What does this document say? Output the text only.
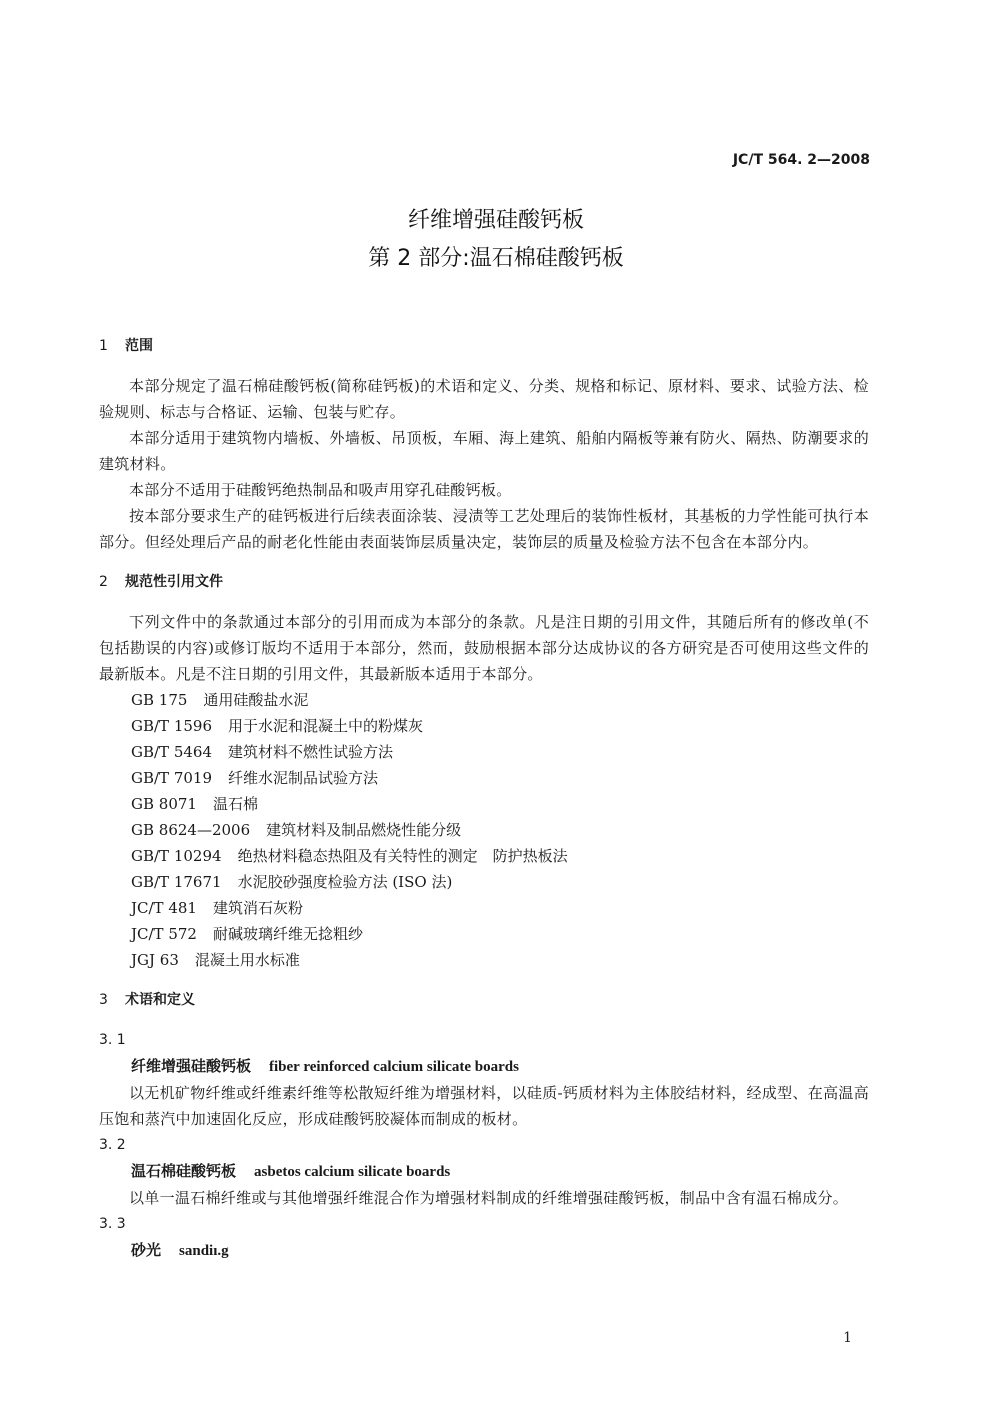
JC/T 564. 2—2008
纤维增强硅酸钙板
第 2 部分:温石棉硅酸钙板

1 范围

本部分规定了温石棉硅酸钙板(简称硅钙板)的术语和定义、分类、规格和标记、原材料、要求、试验方法、检验规则、标志与合格证、运输、包装与贮存。

本部分适用于建筑物内墙板、外墙板、吊顶板，车厢、海上建筑、船舶内隔板等兼有防火、隔热、防潮要求的建筑材料。

本部分不适用于硅酸钙绝热制品和吸声用穿孔硅酸钙板。

按本部分要求生产的硅钙板进行后续表面涂装、浸渍等工艺处理后的装饰性板材，其基板的力学性能可执行本部分。但经处理后产品的耐老化性能由表面装饰层质量决定，装饰层的质量及检验方法不包含在本部分内。

2 规范性引用文件

下列文件中的条款通过本部分的引用而成为本部分的条款。凡是注日期的引用文件，其随后所有的修改单(不包括勘误的内容)或修订版均不适用于本部分，然而，鼓励根据本部分达成协议的各方研究是否可使用这些文件的最新版本。凡是不注日期的引用文件，其最新版本适用于本部分。

GB 175 通用硅酸盐水泥
GB/T 1596 用于水泥和混凝土中的粉煤灰
GB/T 5464 建筑材料不燃性试验方法
GB/T 7019 纤维水泥制品试验方法
GB 8071 温石棉
GB 8624—2006 建筑材料及制品燃烧性能分级
GB/T 10294 绝热材料稳态热阻及有关特性的测定　防护热板法
GB/T 17671 水泥胶砂强度检验方法 (ISO 法)
JC/T 481 建筑消石灰粉
JC/T 572 耐碱玻璃纤维无捻粗纱
JGJ 63 混凝土用水标准

3 术语和定义

3. 1

纤维增强硅酸钙板 fiber reinforced calcium silicate boards

以无机矿物纤维或纤维素纤维等松散短纤维为增强材料，以硅质-钙质材料为主体胶结材料，经成型、在高温高压饱和蒸汽中加速固化反应，形成硅酸钙胶凝体而制成的板材。

3. 2

温石棉硅酸钙板 asbetos calcium silicate boards

以单一温石棉纤维或与其他增强纤维混合作为增强材料制成的纤维增强硅酸钙板，制品中含有温石棉成分。

3. 3

砂光 sandiı.g
1
